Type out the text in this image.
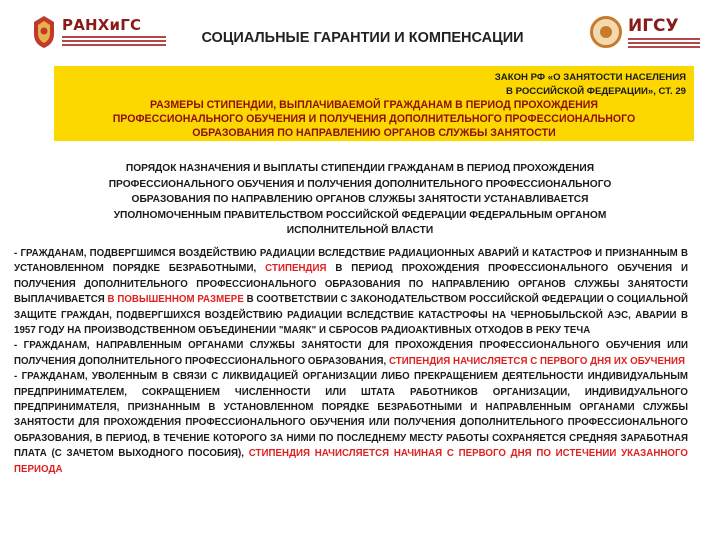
РАНХиГС
СОЦИАЛЬНЫЕ ГАРАНТИИ И КОМПЕНСАЦИИ
ИГСУ
ЗАКОН РФ «О ЗАНЯТОСТИ НАСЕЛЕНИЯ
В РОССИЙСКОЙ ФЕДЕРАЦИИ», СТ. 29
РАЗМЕРЫ СТИПЕНДИИ, ВЫПЛАЧИВАЕМОЙ ГРАЖДАНАМ В ПЕРИОД ПРОХОЖДЕНИЯ
ПРОФЕССИОНАЛЬНОГО ОБУЧЕНИЯ И ПОЛУЧЕНИЯ ДОПОЛНИТЕЛЬНОГО ПРОФЕССИОНАЛЬНОГО
ОБРАЗОВАНИЯ ПО НАПРАВЛЕНИЮ ОРГАНОВ СЛУЖБЫ ЗАНЯТОСТИ
ПОРЯДОК НАЗНАЧЕНИЯ И ВЫПЛАТЫ СТИПЕНДИИ ГРАЖДАНАМ В ПЕРИОД ПРОХОЖДЕНИЯ
ПРОФЕССИОНАЛЬНОГО ОБУЧЕНИЯ И ПОЛУЧЕНИЯ ДОПОЛНИТЕЛЬНОГО ПРОФЕССИОНАЛЬНОГО
ОБРАЗОВАНИЯ ПО НАПРАВЛЕНИЮ ОРГАНОВ СЛУЖБЫ ЗАНЯТОСТИ УСТАНАВЛИВАЕТСЯ
УПОЛНОМОЧЕННЫМ ПРАВИТЕЛЬСТВОМ РОССИЙСКОЙ ФЕДЕРАЦИИ ФЕДЕРАЛЬНЫМ ОРГАНОМ
ИСПОЛНИТЕЛЬНОЙ ВЛАСТИ
- ГРАЖДАНАМ, ПОДВЕРГШИМСЯ ВОЗДЕЙСТВИЮ РАДИАЦИИ ВСЛЕДСТВИЕ РАДИАЦИОННЫХ АВАРИЙ И КАТАСТРОФ И ПРИЗНАННЫМ В УСТАНОВЛЕННОМ ПОРЯДКЕ БЕЗРАБОТНЫМИ, СТИПЕНДИЯ В ПЕРИОД ПРОХОЖДЕНИЯ ПРОФЕССИОНАЛЬНОГО ОБУЧЕНИЯ И ПОЛУЧЕНИЯ ДОПОЛНИТЕЛЬНОГО ПРОФЕССИОНАЛЬНОГО ОБРАЗОВАНИЯ ПО НАПРАВЛЕНИЮ ОРГАНОВ СЛУЖБЫ ЗАНЯТОСТИ ВЫПЛАЧИВАЕТСЯ В ПОВЫШЕННОМ РАЗМЕРЕ В СООТВЕТСТВИИ С ЗАКОНОДАТЕЛЬСТВОМ РОССИЙСКОЙ ФЕДЕРАЦИИ О СОЦИАЛЬНОЙ ЗАЩИТЕ ГРАЖДАН, ПОДВЕРГШИХСЯ ВОЗДЕЙСТВИЮ РАДИАЦИИ ВСЛЕДСТВИЕ КАТАСТРОФЫ НА ЧЕРНОБЫЛЬСКОЙ АЭС, АВАРИИ В 1957 ГОДУ НА ПРОИЗВОДСТВЕННОМ ОБЪЕДИНЕНИИ "МАЯК" И СБРОСОВ РАДИОАКТИВНЫХ ОТХОДОВ В РЕКУ ТЕЧА
- ГРАЖДАНАМ, НАПРАВЛЕННЫМ ОРГАНАМИ СЛУЖБЫ ЗАНЯТОСТИ ДЛЯ ПРОХОЖДЕНИЯ ПРОФЕССИОНАЛЬНОГО ОБУЧЕНИЯ ИЛИ ПОЛУЧЕНИЯ ДОПОЛНИТЕЛЬНОГО ПРОФЕССИОНАЛЬНОГО ОБРАЗОВАНИЯ, СТИПЕНДИЯ НАЧИСЛЯЕТСЯ С ПЕРВОГО ДНЯ ИХ ОБУЧЕНИЯ
- ГРАЖДАНАМ, УВОЛЕННЫМ В СВЯЗИ С ЛИКВИДАЦИЕЙ ОРГАНИЗАЦИИ ЛИБО ПРЕКРАЩЕНИЕМ ДЕЯТЕЛЬНОСТИ ИНДИВИДУАЛЬНЫМ ПРЕДПРИНИМАТЕЛЕМ, СОКРАЩЕНИЕМ ЧИСЛЕННОСТИ ИЛИ ШТАТА РАБОТНИКОВ ОРГАНИЗАЦИИ, ИНДИВИДУАЛЬНОГО ПРЕДПРИНИМАТЕЛЯ, ПРИЗНАННЫМ В УСТАНОВЛЕННОМ ПОРЯДКЕ БЕЗРАБОТНЫМИ И НАПРАВЛЕННЫМ ОРГАНАМИ СЛУЖБЫ ЗАНЯТОСТИ ДЛЯ ПРОХОЖДЕНИЯ ПРОФЕССИОНАЛЬНОГО ОБУЧЕНИЯ ИЛИ ПОЛУЧЕНИЯ ДОПОЛНИТЕЛЬНОГО ПРОФЕССИОНАЛЬНОГО ОБРАЗОВАНИЯ, В ПЕРИОД, В ТЕЧЕНИЕ КОТОРОГО ЗА НИМИ ПО ПОСЛЕДНЕМУ МЕСТУ РАБОТЫ СОХРАНЯЕТСЯ СРЕДНЯЯ ЗАРАБОТНАЯ ПЛАТА (С ЗАЧЕТОМ ВЫХОДНОГО ПОСОБИЯ), СТИПЕНДИЯ НАЧИСЛЯЕТСЯ НАЧИНАЯ С ПЕРВОГО ДНЯ ПО ИСТЕЧЕНИИ УКАЗАННОГО ПЕРИОДА
